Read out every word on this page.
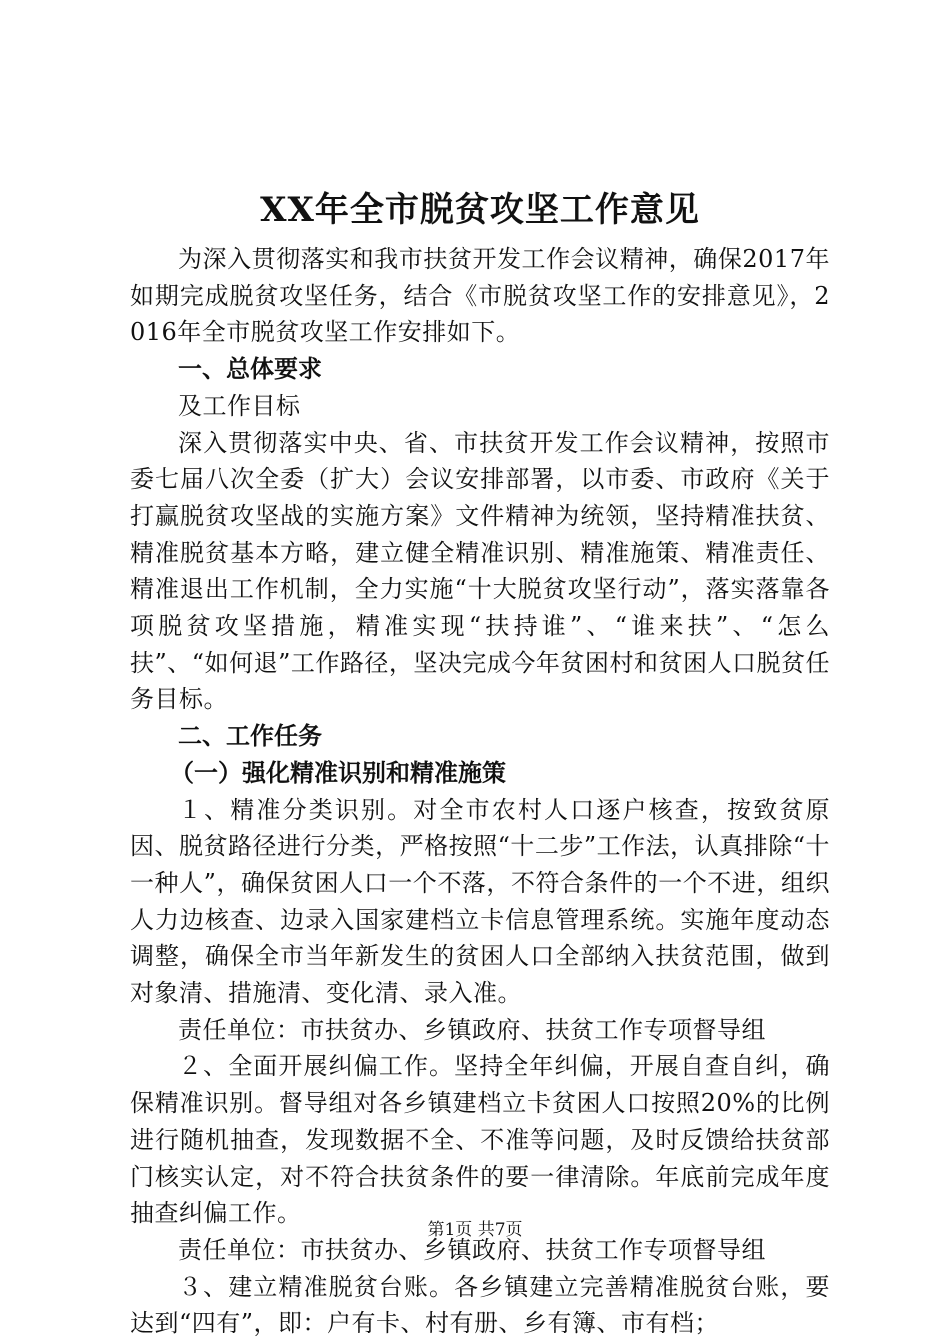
XX年全市脱贫攻坚工作意见

为深入贯彻落实和我市扶贫开发工作会议精神，确保2017年如期完成脱贫攻坚任务，结合《市脱贫攻坚工作的安排意见》，2016年全市脱贫攻坚工作安排如下。

一、总体要求

及工作目标

深入贯彻落实中央、省、市扶贫开发工作会议精神，按照市委七届八次全委（扩大）会议安排部署，以市委、市政府《关于打赢脱贫攻坚战的实施方案》文件精神为统领，坚持精准扶贫、精准脱贫基本方略，建立健全精准识别、精准施策、精准责任、精准退出工作机制，全力实施“十大脱贫攻坚行动”，落实落靠各项脱贫攻坚措施，精准实现“扶持谁”、“谁来扶”、“怎么扶”、“如何退”工作路径，坚决完成今年贫困村和贫困人口脱贫任务目标。

二、工作任务

（一）强化精准识别和精准施策

１、精准分类识别。对全市农村人口逐户核查，按致贫原因、脱贫路径进行分类，严格按照“十二步”工作法，认真排除“十一种人”，确保贫困人口一个不落，不符合条件的一个不进，组织人力边核查、边录入国家建档立卡信息管理系统。实施年度动态调整，确保全市当年新发生的贫困人口全部纳入扶贫范围，做到对象清、措施清、变化清、录入准。

责任单位：市扶贫办、乡镇政府、扶贫工作专项督导组

２、全面开展纠偏工作。坚持全年纠偏，开展自查自纠，确保精准识别。督导组对各乡镇建档立卡贫困人口按照20%的比例进行随机抽查，发现数据不全、不准等问题，及时反馈给扶贫部门核实认定，对不符合扶贫条件的要一律清除。年底前完成年度抽查纠偏工作。

责任单位：市扶贫办、乡镇政府、扶贫工作专项督导组

３、建立精准脱贫台账。各乡镇建立完善精准脱贫台账，要达到“四有”，即：户有卡、村有册、乡有簿、市有档；

第1页 共7页
